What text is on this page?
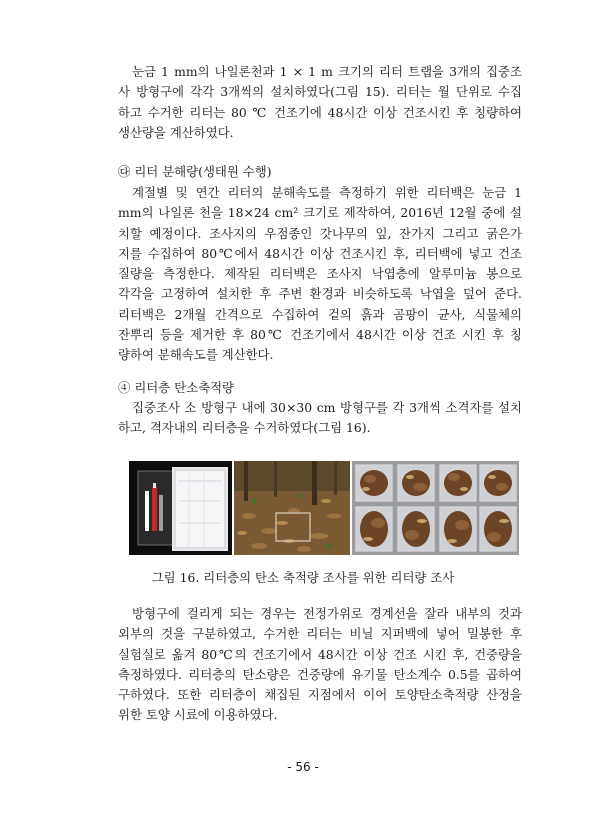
눈금 1 mm의 나일론천과 1 × 1 m 크기의 리터 트랩을 3개의 집중조
사 방형구에 각각 3개씩의 설치하였다(그림 15). 리터는 월 단위로 수집
하고 수거한 리터는 80 ℃ 건조기에 48시간 이상 건조시킨 후 칭량하여
생산량을 계산하였다.

㉰ 리터 분해량(생태원 수행)

계절별 및 연간 리터의 분해속도를 측정하기 위한 리터백은 눈금 1
mm의 나일론 천을 18×24 cm² 크기로 제작하여, 2016년 12월 중에 설
치할 예정이다. 조사지의 우점종인 갓나무의 잎, 잔가지 그리고 굵은가
지를 수집하여 80℃에서 48시간 이상 건조시킨 후, 리터백에 넣고 건조
질량을 측정한다. 제작된 리터백은 조사지 낙엽층에 알루미늄 봉으로
각각을 고정하여 설치한 후 주변 환경과 비슷하도록 낙엽을 덮어 준다.
리터백은 2개월 간격으로 수집하여 겉의 흙과 곰팡이 균사, 식물체의
잔뿌리 등을 제거한 후 80℃ 건조기에서 48시간 이상 건조 시킨 후 칭
량하여 분해속도를 계산한다.

④ 리터층 탄소축적량

집중조사 소 방형구 내에 30×30 cm 방형구를 각 3개씩 소격자를 설치
하고, 격자내의 리터층을 수거하였다(그림 16).

그림 16. 리터층의 탄소 축적량 조사를 위한 리터량 조사

방형구에 걸리게 되는 경우는 전정가위로 경계선을 잘라 내부의 것과
외부의 것을 구분하였고, 수거한 리터는 비닐 지퍼백에 넣어 밀봉한 후
실험실로 옮겨 80℃의 건조기에서 48시간 이상 건조 시킨 후, 건중량을
측정하였다. 리터층의 탄소량은 건중량에 유기물 탄소계수 0.5를 곱하여
구하였다. 또한 리터층이 채집된 지점에서 이어 토양탄소축적량 산정을
위한 토양 시료에 이용하였다.

- 56 -
